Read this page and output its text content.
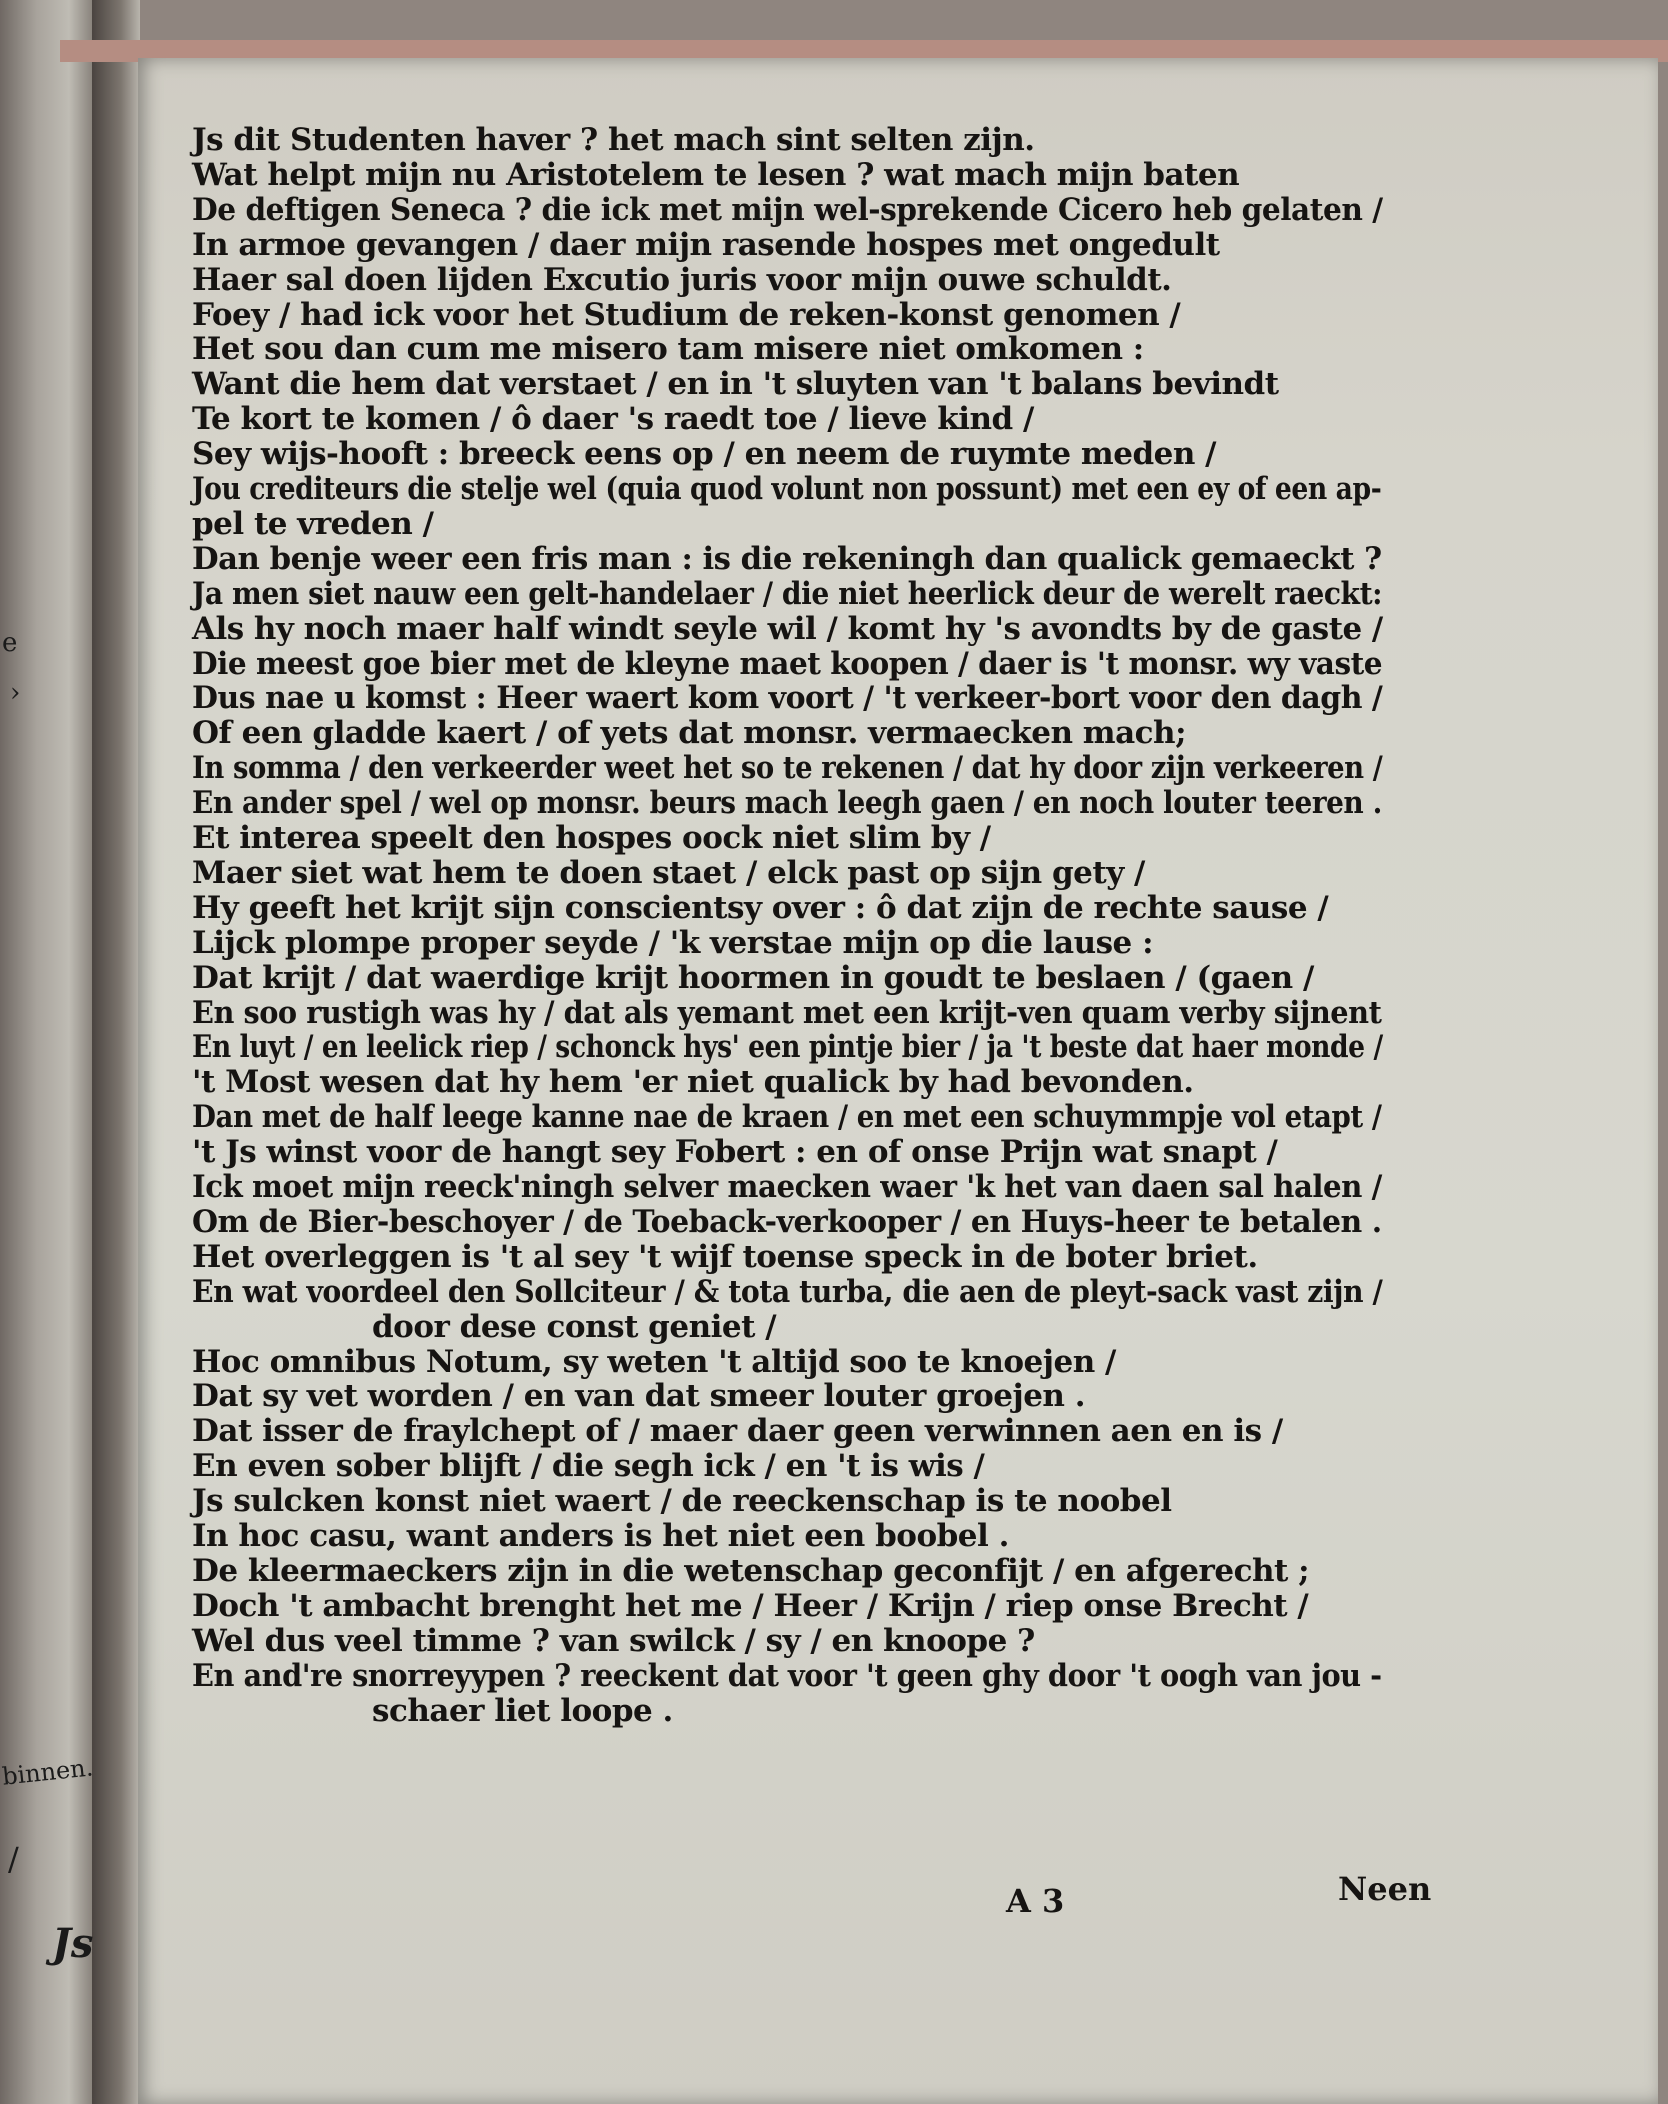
e
›
binnen.
/
Js
Js dit Studenten haver ? het mach sint selten zijn.
Wat helpt mijn nu Aristotelem te lesen ? wat mach mijn baten
De deftigen Seneca ? die ick met mijn wel-sprekende Cicero heb gelaten /
In armoe gevangen / daer mijn rasende hospes met ongedult
Haer sal doen lijden Excutio juris voor mijn ouwe schuldt.
Foey / had ick voor het Studium de reken-konst genomen /
Het sou dan cum me misero tam misere niet omkomen :
Want die hem dat verstaet / en in 't sluyten van 't balans bevindt
Te kort te komen / ô daer 's raedt toe / lieve kind /
Sey wijs-hooft : breeck eens op / en neem de ruymte meden /
Jou crediteurs die stelje wel (quia quod volunt non possunt) met een ey of een ap-
pel te vreden /
Dan benje weer een fris man : is die rekeningh dan qualick gemaeckt ?
Ja men siet nauw een gelt-handelaer / die niet heerlick deur de werelt raeckt:
Als hy noch maer half windt seyle wil / komt hy 's avondts by de gaste /
Die meest goe bier met de kleyne maet koopen / daer is 't monsr. wy vaste
Dus nae u komst : Heer waert kom voort / 't verkeer-bort voor den dagh /
Of een gladde kaert / of yets dat monsr. vermaecken mach;
In somma / den verkeerder weet het so te rekenen / dat hy door zijn verkeeren /
En ander spel / wel op monsr. beurs mach leegh gaen / en noch louter teeren .
Et interea speelt den hospes oock niet slim by /
Maer siet wat hem te doen staet / elck past op sijn gety /
Hy geeft het krijt sijn conscientsy over : ô dat zijn de rechte sause /
Lijck plompe proper seyde / 'k verstae mijn op die lause :
Dat krijt / dat waerdige krijt hoormen in goudt te beslaen / (gaen /
En soo rustigh was hy / dat als yemant met een krijt-ven quam verby sijnent
En luyt / en leelick riep / schonck hys' een pintje bier / ja 't beste dat haer monde /
't Most wesen dat hy hem 'er niet qualick by had bevonden.
Dan met de half leege kanne nae de kraen / en met een schuymmpje vol etapt /
't Js winst voor de hangt sey Fobert : en of onse Prijn wat snapt /
Ick moet mijn reeck'ningh selver maecken waer 'k het van daen sal halen /
Om de Bier-beschoyer / de Toeback-verkooper / en Huys-heer te betalen .
Het overleggen is 't al sey 't wijf toense speck in de boter briet.
En wat voordeel den Sollciteur / & tota turba, die aen de pleyt-sack vast zijn /
door dese const geniet /
Hoc omnibus Notum, sy weten 't altijd soo te knoejen /
Dat sy vet worden / en van dat smeer louter groejen .
Dat isser de fraylchept of / maer daer geen verwinnen aen en is /
En even sober blijft / die segh ick / en 't is wis /
Js sulcken konst niet waert / de reeckenschap is te noobel
In hoc casu, want anders is het niet een boobel .
De kleermaeckers zijn in die wetenschap geconfijt / en afgerecht ;
Doch 't ambacht brenght het me / Heer / Krijn / riep onse Brecht /
Wel dus veel timme ? van swilck / sy / en knoope ?
En and're snorreyypen ? reeckent dat voor 't geen ghy door 't oogh van jou -
schaer liet loope .
A 3	Neen
